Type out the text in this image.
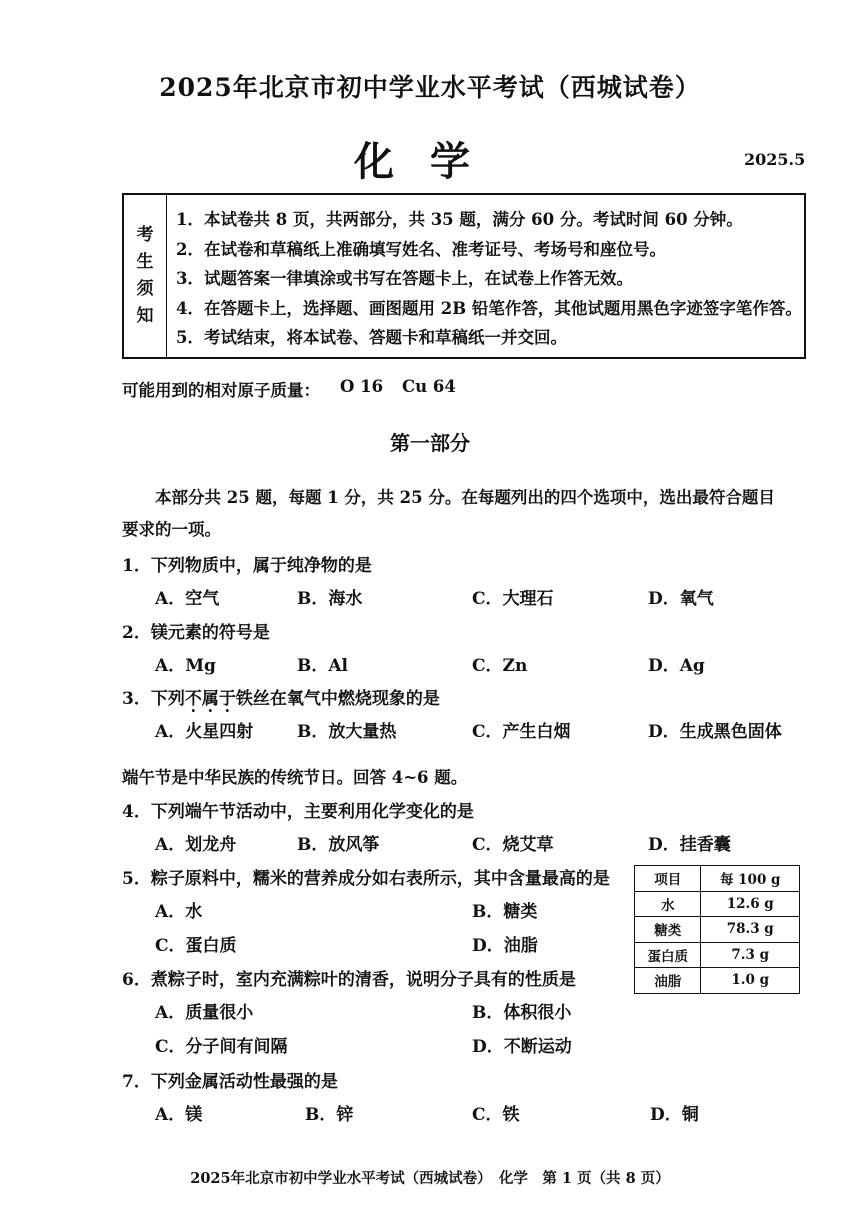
2025年北京市初中学业水平考试（西城试卷）
化学	2025.5
考
生
须
知
1．本试卷共 8 页，共两部分，共 35 题，满分 60 分。考试时间 60 分钟。
2．在试卷和草稿纸上准确填写姓名、准考证号、考场号和座位号。
3．试题答案一律填涂或书写在答题卡上，在试卷上作答无效。
4．在答题卡上，选择题、画图题用 2B 铅笔作答，其他试题用黑色字迹签字笔作答。
5．考试结束，将本试卷、答题卡和草稿纸一并交回。
可能用到的相对原子质量： O 16 Cu 64
第一部分
本部分共 25 题，每题 1 分，共 25 分。在每题列出的四个选项中，选出最符合题目
要求的一项。
1．下列物质中，属于纯净物的是
A．空气	B．海水	C．大理石	D．氧气
2．镁元素的符号是
A．Mg	B．Al	C．Zn	D．Ag
3．下列不属于铁丝在氧气中燃烧现象的是
A．火星四射	B．放大量热	C．产生白烟	D．生成黑色固体
端午节是中华民族的传统节日。回答 4~6 题。
4．下列端午节活动中，主要利用化学变化的是
A．划龙舟	B．放风筝	C．烧艾草	D．挂香囊
5．粽子原料中，糯米的营养成分如右表所示，其中含量最高的是
A．水	B．糖类
C．蛋白质	D．油脂
项目	每 100 g
水	12.6 g
糖类	78.3 g
蛋白质	7.3 g
油脂	1.0 g
6．煮粽子时，室内充满粽叶的清香，说明分子具有的性质是
A．质量很小	B．体积很小
C．分子间有间隔	D．不断运动
7．下列金属活动性最强的是
A．镁	B．锌	C．铁	D．铜
2025年北京市初中学业水平考试（西城试卷）　化学　第 1 页（共 8 页）
